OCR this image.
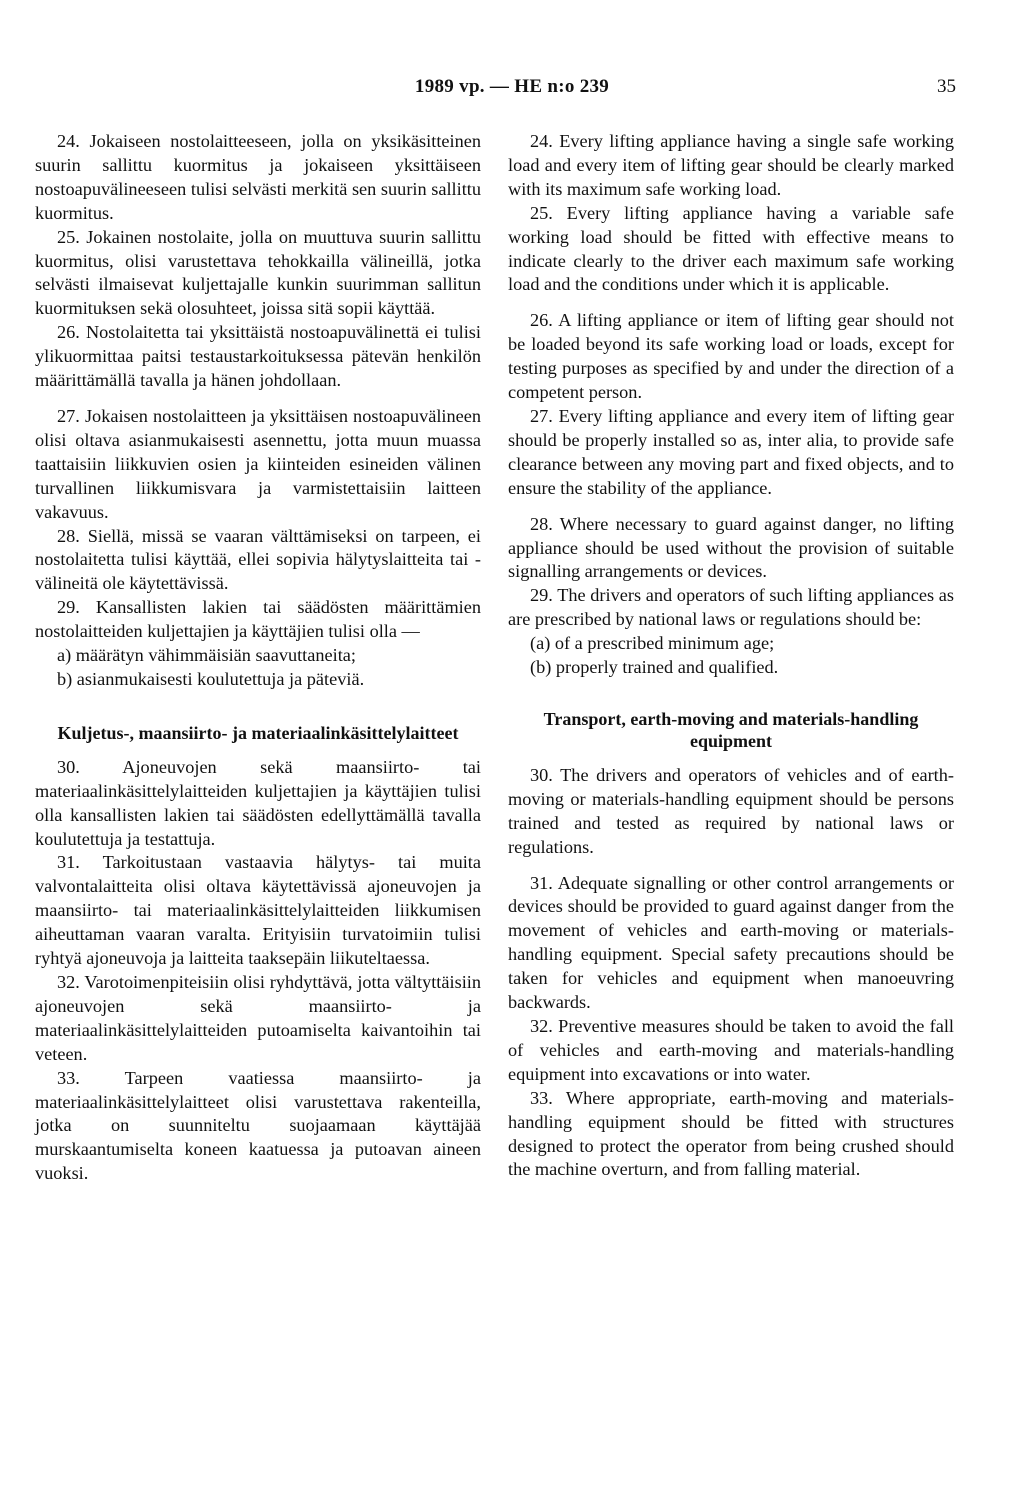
1989 vp. — HE n:o 239	35

24. Jokaiseen nostolaitteeseen, jolla on yksikäsitteinen suurin sallittu kuormitus ja jokaiseen yksittäiseen nostoapuvälineeseen tulisi selvästi merkitä sen suurin sallittu kuormitus.

25. Jokainen nostolaite, jolla on muuttuva suurin sallittu kuormitus, olisi varustettava tehokkailla välineillä, jotka selvästi ilmaisevat kuljettajalle kunkin suurimman sallitun kuormituksen sekä olosuhteet, joissa sitä sopii käyttää.

26. Nostolaitetta tai yksittäistä nostoapuvälinettä ei tulisi ylikuormittaa paitsi testaustarkoituksessa pätevän henkilön määrittämällä tavalla ja hänen johdollaan.

27. Jokaisen nostolaitteen ja yksittäisen nostoapuvälineen olisi oltava asianmukaisesti asennettu, jotta muun muassa taattaisiin liikkuvien osien ja kiinteiden esineiden välinen turvallinen liikkumisvara ja varmistettaisiin laitteen vakavuus.

28. Siellä, missä se vaaran välttämiseksi on tarpeen, ei nostolaitetta tulisi käyttää, ellei sopivia hälytyslaitteita tai -välineitä ole käytettävissä.

29. Kansallisten lakien tai säädösten määrittämien nostolaitteiden kuljettajien ja käyttäjien tulisi olla —

a) määrätyn vähimmäisiän saavuttaneita;

b) asianmukaisesti koulutettuja ja päteviä.

Kuljetus-, maansiirto- ja materiaalinkäsittelylaitteet

30. Ajoneuvojen sekä maansiirto- tai materiaalinkäsittelylaitteiden kuljettajien ja käyttäjien tulisi olla kansallisten lakien tai säädösten edellyttämällä tavalla koulutettuja ja testattuja.

31. Tarkoitustaan vastaavia hälytys- tai muita valvontalaitteita olisi oltava käytettävissä ajoneuvojen ja maansiirto- tai materiaalinkäsittelylaitteiden liikkumisen aiheuttaman vaaran varalta. Erityisiin turvatoimiin tulisi ryhtyä ajoneuvoja ja laitteita taaksepäin liikuteltaessa.

32. Varotoimenpiteisiin olisi ryhdyttävä, jotta vältyttäisiin ajoneuvojen sekä maansiirto- ja materiaalinkäsittelylaitteiden putoamiselta kaivantoihin tai veteen.

33. Tarpeen vaatiessa maansiirto- ja materiaalinkäsittelylaitteet olisi varustettava rakenteilla, jotka on suunniteltu suojaamaan käyttäjää murskaantumiselta koneen kaatuessa ja putoavan aineen vuoksi.

24. Every lifting appliance having a single safe working load and every item of lifting gear should be clearly marked with its maximum safe working load.

25. Every lifting appliance having a variable safe working load should be fitted with effective means to indicate clearly to the driver each maximum safe working load and the conditions under which it is applicable.

26. A lifting appliance or item of lifting gear should not be loaded beyond its safe working load or loads, except for testing purposes as specified by and under the direction of a competent person.

27. Every lifting appliance and every item of lifting gear should be properly installed so as, inter alia, to provide safe clearance between any moving part and fixed objects, and to ensure the stability of the appliance.

28. Where necessary to guard against danger, no lifting appliance should be used without the provision of suitable signalling arrangements or devices.

29. The drivers and operators of such lifting appliances as are prescribed by national laws or regulations should be:

(a) of a prescribed minimum age;

(b) properly trained and qualified.

Transport, earth-moving and materials-handling equipment

30. The drivers and operators of vehicles and of earth-moving or materials-handling equipment should be persons trained and tested as required by national laws or regulations.

31. Adequate signalling or other control arrangements or devices should be provided to guard against danger from the movement of vehicles and earth-moving or materials-handling equipment. Special safety precautions should be taken for vehicles and equipment when manoeuvring backwards.

32. Preventive measures should be taken to avoid the fall of vehicles and earth-moving and materials-handling equipment into excavations or into water.

33. Where appropriate, earth-moving and materials-handling equipment should be fitted with structures designed to protect the operator from being crushed should the machine overturn, and from falling material.
